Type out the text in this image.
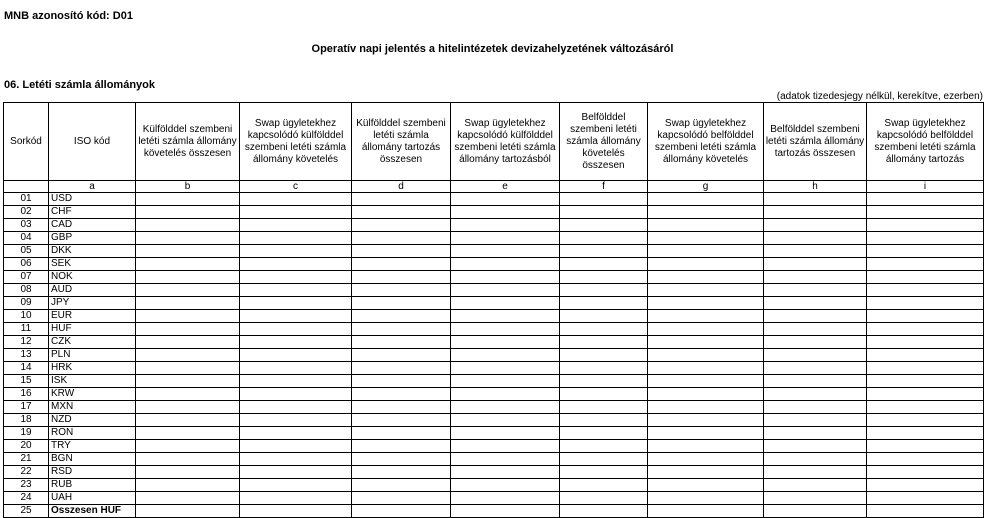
MNB azonosító kód: D01
Operatív napi jelentés a hitelintézetek devizahelyzetének változásáról
06. Letéti számla állományok
(adatok tizedesjegy nélkül, kerekítve, ezerben)
Sorkód	ISO kód	Külfölddel szembeni letéti számla állomány követelés összesen	Swap ügyletekhez kapcsolódó külfölddel szembeni letéti számla állomány követelés	Külfölddel szembeni letéti számla állomány tartozás összesen	Swap ügyletekhez kapcsolódó külfölddel szembeni letéti számla állomány tartozásból	Belfölddel szembeni letéti számla állomány követelés összesen	Swap ügyletekhez kapcsolódó belfölddel szembeni letéti számla állomány követelés	Belfölddel szembeni letéti számla állomány tartozás összesen	Swap ügyletekhez kapcsolódó belfölddel szembeni letéti számla állomány tartozás
	a	b	c	d	e	f	g	h	i
01	USD								
02	CHF								
03	CAD								
04	GBP								
05	DKK								
06	SEK								
07	NOK								
08	AUD								
09	JPY								
10	EUR								
11	HUF								
12	CZK								
13	PLN								
14	HRK								
15	ISK								
16	KRW								
17	MXN								
18	NZD								
19	RON								
20	TRY								
21	BGN								
22	RSD								
23	RUB								
24	UAH								
25	Összesen HUF								
